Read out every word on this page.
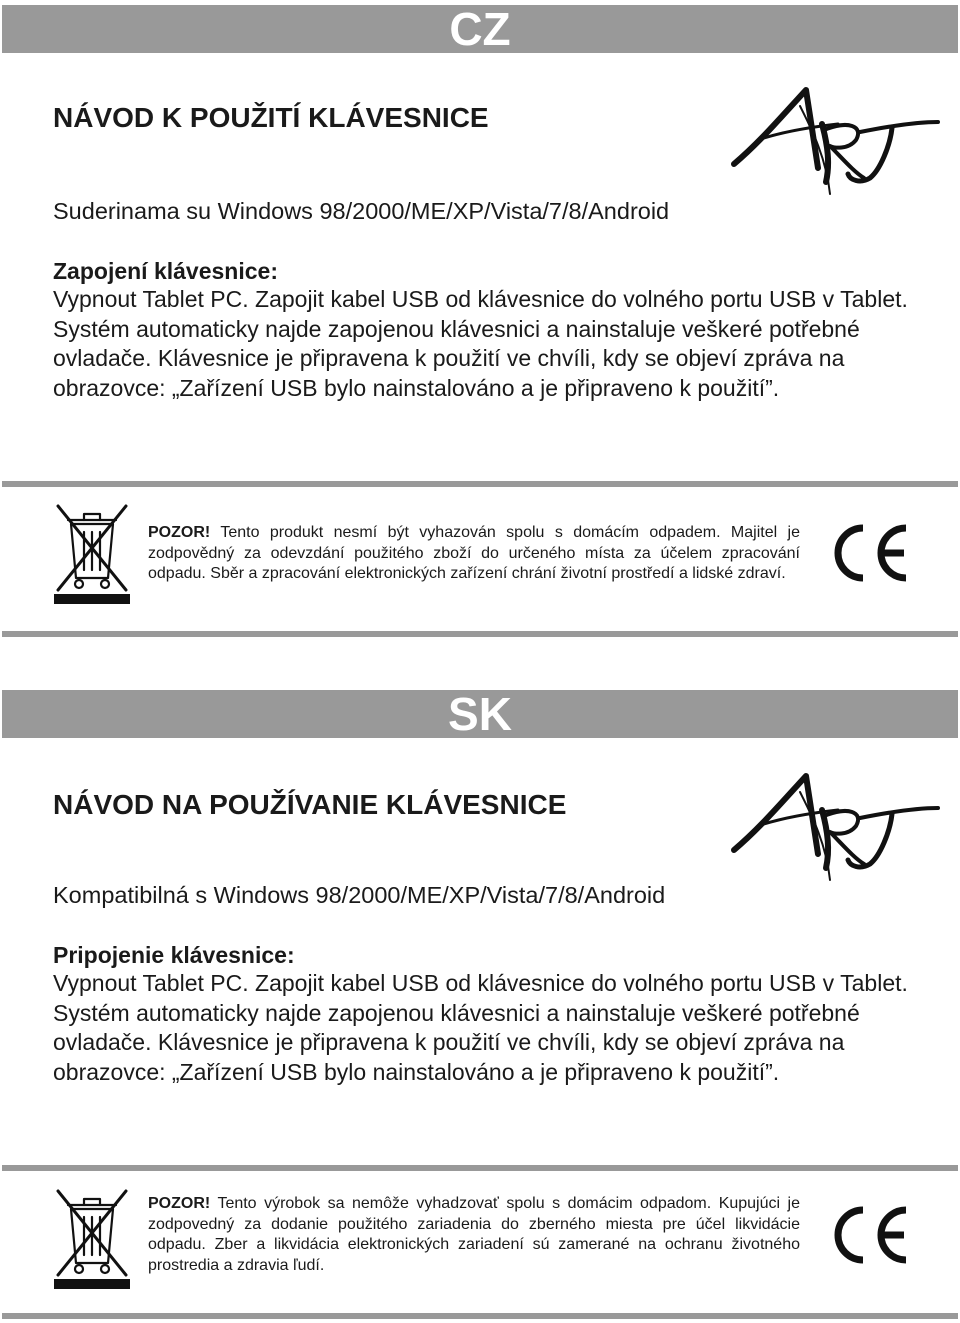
CZ
NÁVOD K POUŽITÍ KLÁVESNICE
Suderinama su Windows 98/2000/ME/XP/Vista/7/8/Android
Zapojení klávesnice:
Vypnout Tablet PC. Zapojit kabel USB od klávesnice do volného portu USB v Tablet. Systém automaticky najde zapojenou klávesnici a nainstaluje veškeré potřebné ovladače. Klávesnice je připravena k použití ve chvíli, kdy se objeví zpráva na obrazovce: „Zařízení USB bylo nainstalováno a je připraveno k použití”.
POZOR! Tento produkt nesmí být vyhazován spolu s domácím odpadem. Majitel je zodpovědný za odevzdání použitého zboží do určeného místa za účelem zpracování odpadu. Sběr a zpracování elektronických zařízení chrání životní prostředí a lidské zdraví.
SK
NÁVOD NA POUŽÍVANIE KLÁVESNICE
Kompatibilná s Windows 98/2000/ME/XP/Vista/7/8/Android
Pripojenie klávesnice:
Vypnout Tablet PC. Zapojit kabel USB od klávesnice do volného portu USB v Tablet. Systém automaticky najde zapojenou klávesnici a nainstaluje veškeré potřebné ovladače. Klávesnice je připravena k použití ve chvíli, kdy se objeví zpráva na obrazovce: „Zařízení USB bylo nainstalováno a je připraveno k použití”.
POZOR! Tento výrobok sa nemôže vyhadzovať spolu s domácim odpadom. Kupujúci je zodpovedný za dodanie použitého zariadenia do zberného miesta pre účel likvidácie odpadu. Zber a likvidácia elektronických zariadení sú zamerané na ochranu životného prostredia a zdravia ľudí.
